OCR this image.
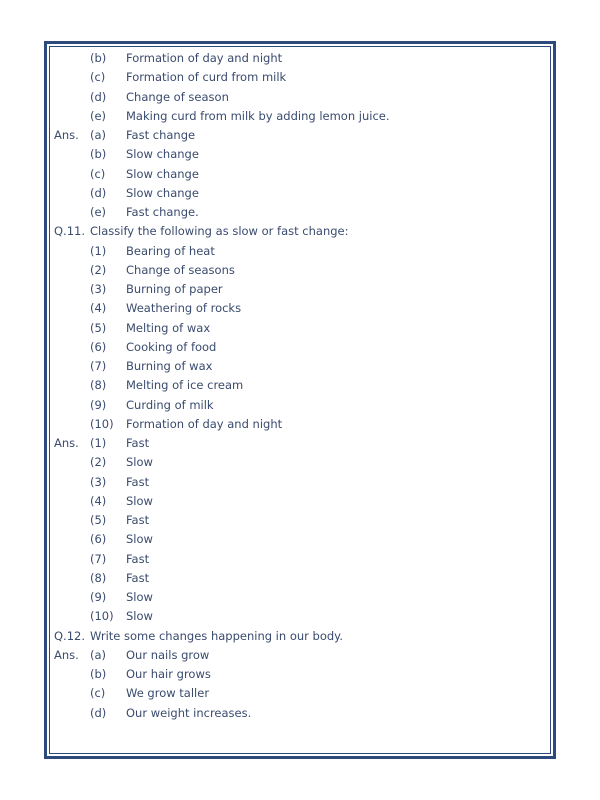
(b) Formation of day and night
(c) Formation of curd from milk
(d) Change of season
(e) Making curd from milk by adding lemon juice.
Ans. (a) Fast change
(b) Slow change
(c) Slow change
(d) Slow change
(e) Fast change.
Q.11. Classify the following as slow or fast change:
(1) Bearing of heat
(2) Change of seasons
(3) Burning of paper
(4) Weathering of rocks
(5) Melting of wax
(6) Cooking of food
(7) Burning of wax
(8) Melting of ice cream
(9) Curding of milk
(10) Formation of day and night
Ans. (1) Fast
(2) Slow
(3) Fast
(4) Slow
(5) Fast
(6) Slow
(7) Fast
(8) Fast
(9) Slow
(10) Slow
Q.12. Write some changes happening in our body.
Ans. (a) Our nails grow
(b) Our hair grows
(c) We grow taller
(d) Our weight increases.
